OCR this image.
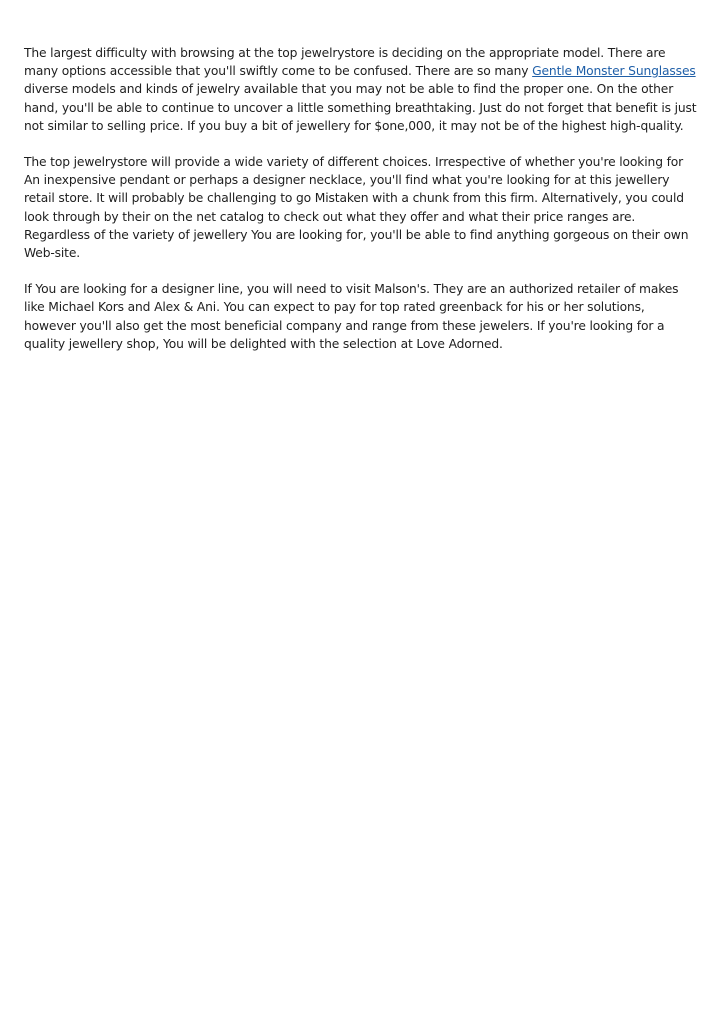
The largest difficulty with browsing at the top jewelrystore is deciding on the appropriate model. There are many options accessible that you'll swiftly come to be confused. There are so many Gentle Monster Sunglasses diverse models and kinds of jewelry available that you may not be able to find the proper one. On the other hand, you'll be able to continue to uncover a little something breathtaking. Just do not forget that benefit is just not similar to selling price. If you buy a bit of jewellery for $one,000, it may not be of the highest high-quality.

The top jewelrystore will provide a wide variety of different choices. Irrespective of whether you're looking for An inexpensive pendant or perhaps a designer necklace, you'll find what you're looking for at this jewellery retail store. It will probably be challenging to go Mistaken with a chunk from this firm. Alternatively, you could look through by their on the net catalog to check out what they offer and what their price ranges are. Regardless of the variety of jewellery You are looking for, you'll be able to find anything gorgeous on their own Web-site.

If You are looking for a designer line, you will need to visit Malson's. They are an authorized retailer of makes like Michael Kors and Alex & Ani. You can expect to pay for top rated greenback for his or her solutions, however you'll also get the most beneficial company and range from these jewelers. If you're looking for a quality jewellery shop, You will be delighted with the selection at Love Adorned.
